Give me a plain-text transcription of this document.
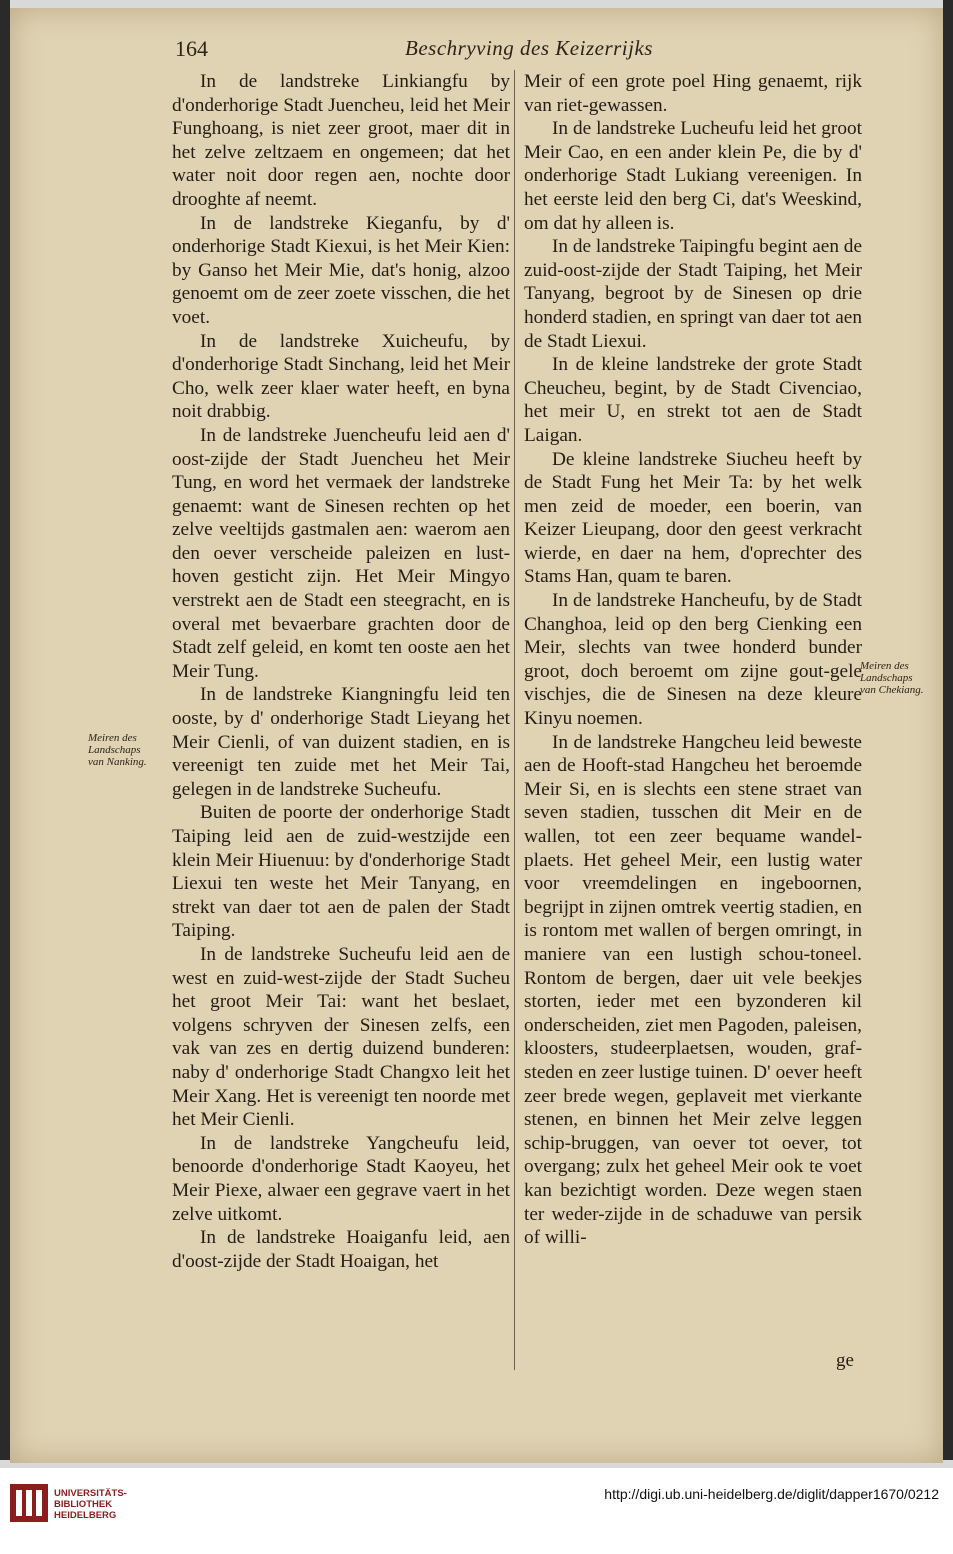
164	Beschryving des Keizerrijks

In de landstreke Linkiangfu by d'onderhorige Stadt Juencheu, leid het Meir Funghoang, is niet zeer groot, maer dit in het zelve zeltzaem en ongemeen; dat het water noit door regen aen, nochte door drooghte af neemt.

In de landstreke Kieganfu, by d' onderhorige Stadt Kiexui, is het Meir Kien: by Ganso het Meir Mie, dat's honig, alzoo genoemt om de zeer zoete visschen, die het voet.

In de landstreke Xuicheufu, by d'onderhorige Stadt Sinchang, leid het Meir Cho, welk zeer klaer water heeft, en byna noit drabbig.

In de landstreke Juencheufu leid aen d' oost-zijde der Stadt Juencheu het Meir Tung, en word het vermaek der landstreke genaemt: want de Sinesen rechten op het zelve veeltijds gastmalen aen: waerom aen den oever verscheide paleizen en lust-hoven gesticht zijn. Het Meir Mingyo verstrekt aen de Stadt een steegracht, en is overal met bevaerbare grachten door de Stadt zelf geleid, en komt ten ooste aen het Meir Tung.

In de landstreke Kiangningfu leid ten ooste, by d' onderhorige Stadt Lieyang het Meir Cienli, of van duizent stadien, en is vereenigt ten zuide met het Meir Tai, gelegen in de landstreke Sucheufu.

Buiten de poorte der onderhorige Stadt Taiping leid aen de zuid-westzijde een klein Meir Hiuenuu: by d'onderhorige Stadt Liexui ten weste het Meir Tanyang, en strekt van daer tot aen de palen der Stadt Taiping.

In de landstreke Sucheufu leid aen de west en zuid-west-zijde der Stadt Sucheu het groot Meir Tai: want het beslaet, volgens schryven der Sinesen zelfs, een vak van zes en dertig duizend bunderen: naby d' onderhorige Stadt Changxo leit het Meir Xang. Het is vereenigt ten noorde met het Meir Cienli.

In de landstreke Yangcheufu leid, benoorde d'onderhorige Stadt Kaoyeu, het Meir Piexe, alwaer een gegrave vaert in het zelve uitkomt.

In de landstreke Hoaiganfu leid, aen d'oost-zijde der Stadt Hoaigan, het

Meir of een grote poel Hing genaemt, rijk van riet-gewassen.

In de landstreke Lucheufu leid het groot Meir Cao, en een ander klein Pe, die by d' onderhorige Stadt Lukiang vereenigen. In het eerste leid den berg Ci, dat's Weeskind, om dat hy alleen is.

In de landstreke Taipingfu begint aen de zuid-oost-zijde der Stadt Taiping, het Meir Tanyang, begroot by de Sinesen op drie honderd stadien, en springt van daer tot aen de Stadt Liexui.

In de kleine landstreke der grote Stadt Cheucheu, begint, by de Stadt Civenciao, het meir U, en strekt tot aen de Stadt Laigan.

De kleine landstreke Siucheu heeft by de Stadt Fung het Meir Ta: by het welk men zeid de moeder, een boerin, van Keizer Lieupang, door den geest verkracht wierde, en daer na hem, d'oprechter des Stams Han, quam te baren.

In de landstreke Hancheufu, by de Stadt Changhoa, leid op den berg Cienking een Meir, slechts van twee honderd bunder groot, doch beroemt om zijne gout-gele vischjes, die de Sinesen na deze kleure Kinyu noemen.

In de landstreke Hangcheu leid beweste aen de Hooft-stad Hangcheu het beroemde Meir Si, en is slechts een stene straet van seven stadien, tusschen dit Meir en de wallen, tot een zeer bequame wandel-plaets. Het geheel Meir, een lustig water voor vreemdelingen en ingeboornen, begrijpt in zijnen omtrek veertig stadien, en is rontom met wallen of bergen omringt, in maniere van een lustigh schou-toneel. Rontom de bergen, daer uit vele beekjes storten, ieder met een byzonderen kil onderscheiden, ziet men Pagoden, paleisen, kloosters, studeerplaetsen, wouden, graf-steden en zeer lustige tuinen. D' oever heeft zeer brede wegen, geplaveit met vierkante stenen, en binnen het Meir zelve leggen schip-bruggen, van oever tot oever, tot overgang; zulx het geheel Meir ook te voet kan bezichtigt worden. Deze wegen staen ter weder-zijde in de schaduwe van persik of willi-

Meiren des Landschaps van Nanking.
Meiren des Landschaps van Chekiang.
ge
UNIVERSITÄTS-
BIBLIOTHEK
HEIDELBERG
http://digi.ub.uni-heidelberg.de/diglit/dapper1670/0212
